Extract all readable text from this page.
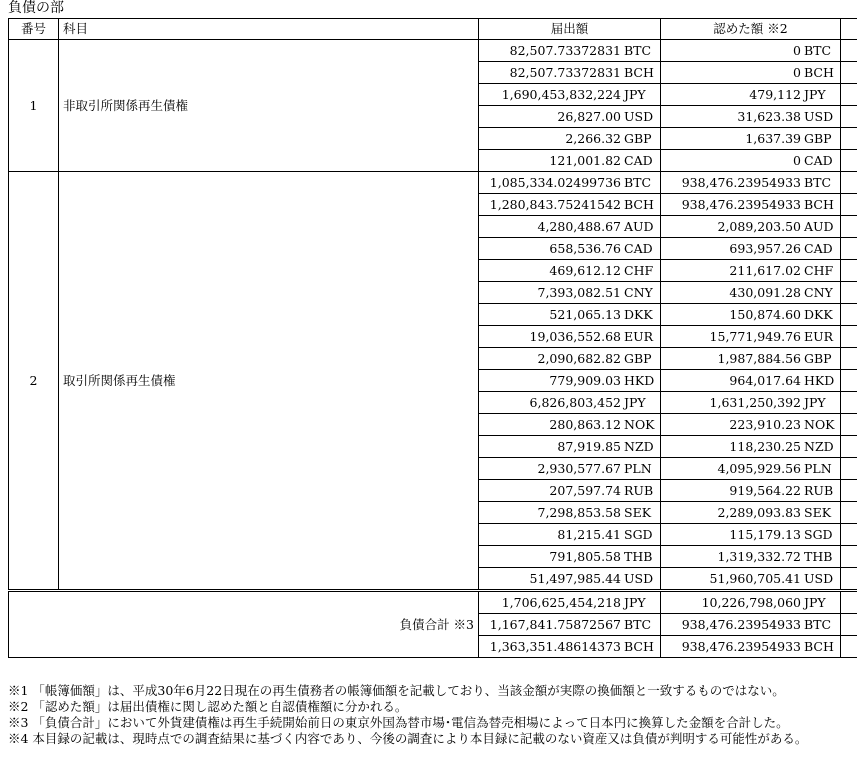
負債の部
番号	科目	届出額	認めた額 ※2	
1	非取引所関係再生債権	82,507.73372831 BTC	0 BTC	
		82,507.73372831 BCH	0 BCH	
		1,690,453,832,224 JPY	479,112 JPY	
		26,827.00 USD	31,623.38 USD	
		2,266.32 GBP	1,637.39 GBP	
		121,001.82 CAD	0 CAD	
2	取引所関係再生債権	1,085,334.02499736 BTC	938,476.23954933 BTC	
		1,280,843.75241542 BCH	938,476.23954933 BCH	
		4,280,488.67 AUD	2,089,203.50 AUD	
		658,536.76 CAD	693,957.26 CAD	
		469,612.12 CHF	211,617.02 CHF	
		7,393,082.51 CNY	430,091.28 CNY	
		521,065.13 DKK	150,874.60 DKK	
		19,036,552.68 EUR	15,771,949.76 EUR	
		2,090,682.82 GBP	1,987,884.56 GBP	
		779,909.03 HKD	964,017.64 HKD	
		6,826,803,452 JPY	1,631,250,392 JPY	
		280,863.12 NOK	223,910.23 NOK	
		87,919.85 NZD	118,230.25 NZD	
		2,930,577.67 PLN	4,095,929.56 PLN	
		207,597.74 RUB	919,564.22 RUB	
		7,298,853.58 SEK	2,289,093.83 SEK	
		81,215.41 SGD	115,179.13 SGD	
		791,805.58 THB	1,319,332.72 THB	
		51,497,985.44 USD	51,960,705.41 USD	
負債合計 ※3		1,706,625,454,218 JPY	10,226,798,060 JPY	
		1,167,841.75872567 BTC	938,476.23954933 BTC	
		1,363,351.48614373 BCH	938,476.23954933 BCH	
※1 「帳簿価額」は、平成30年6月22日現在の再生債務者の帳簿価額を記載しており、当該金額が実際の換価額と一致するものではない。
※2 「認めた額」は届出債権に関し認めた額と自認債権額に分かれる。
※3 「負債合計」において外貨建債権は再生手続開始前日の東京外国為替市場･電信為替売相場によって日本円に換算した金額を合計した。
※4 本目録の記載は、現時点での調査結果に基づく内容であり、今後の調査により本目録に記載のない資産又は負債が判明する可能性がある。
